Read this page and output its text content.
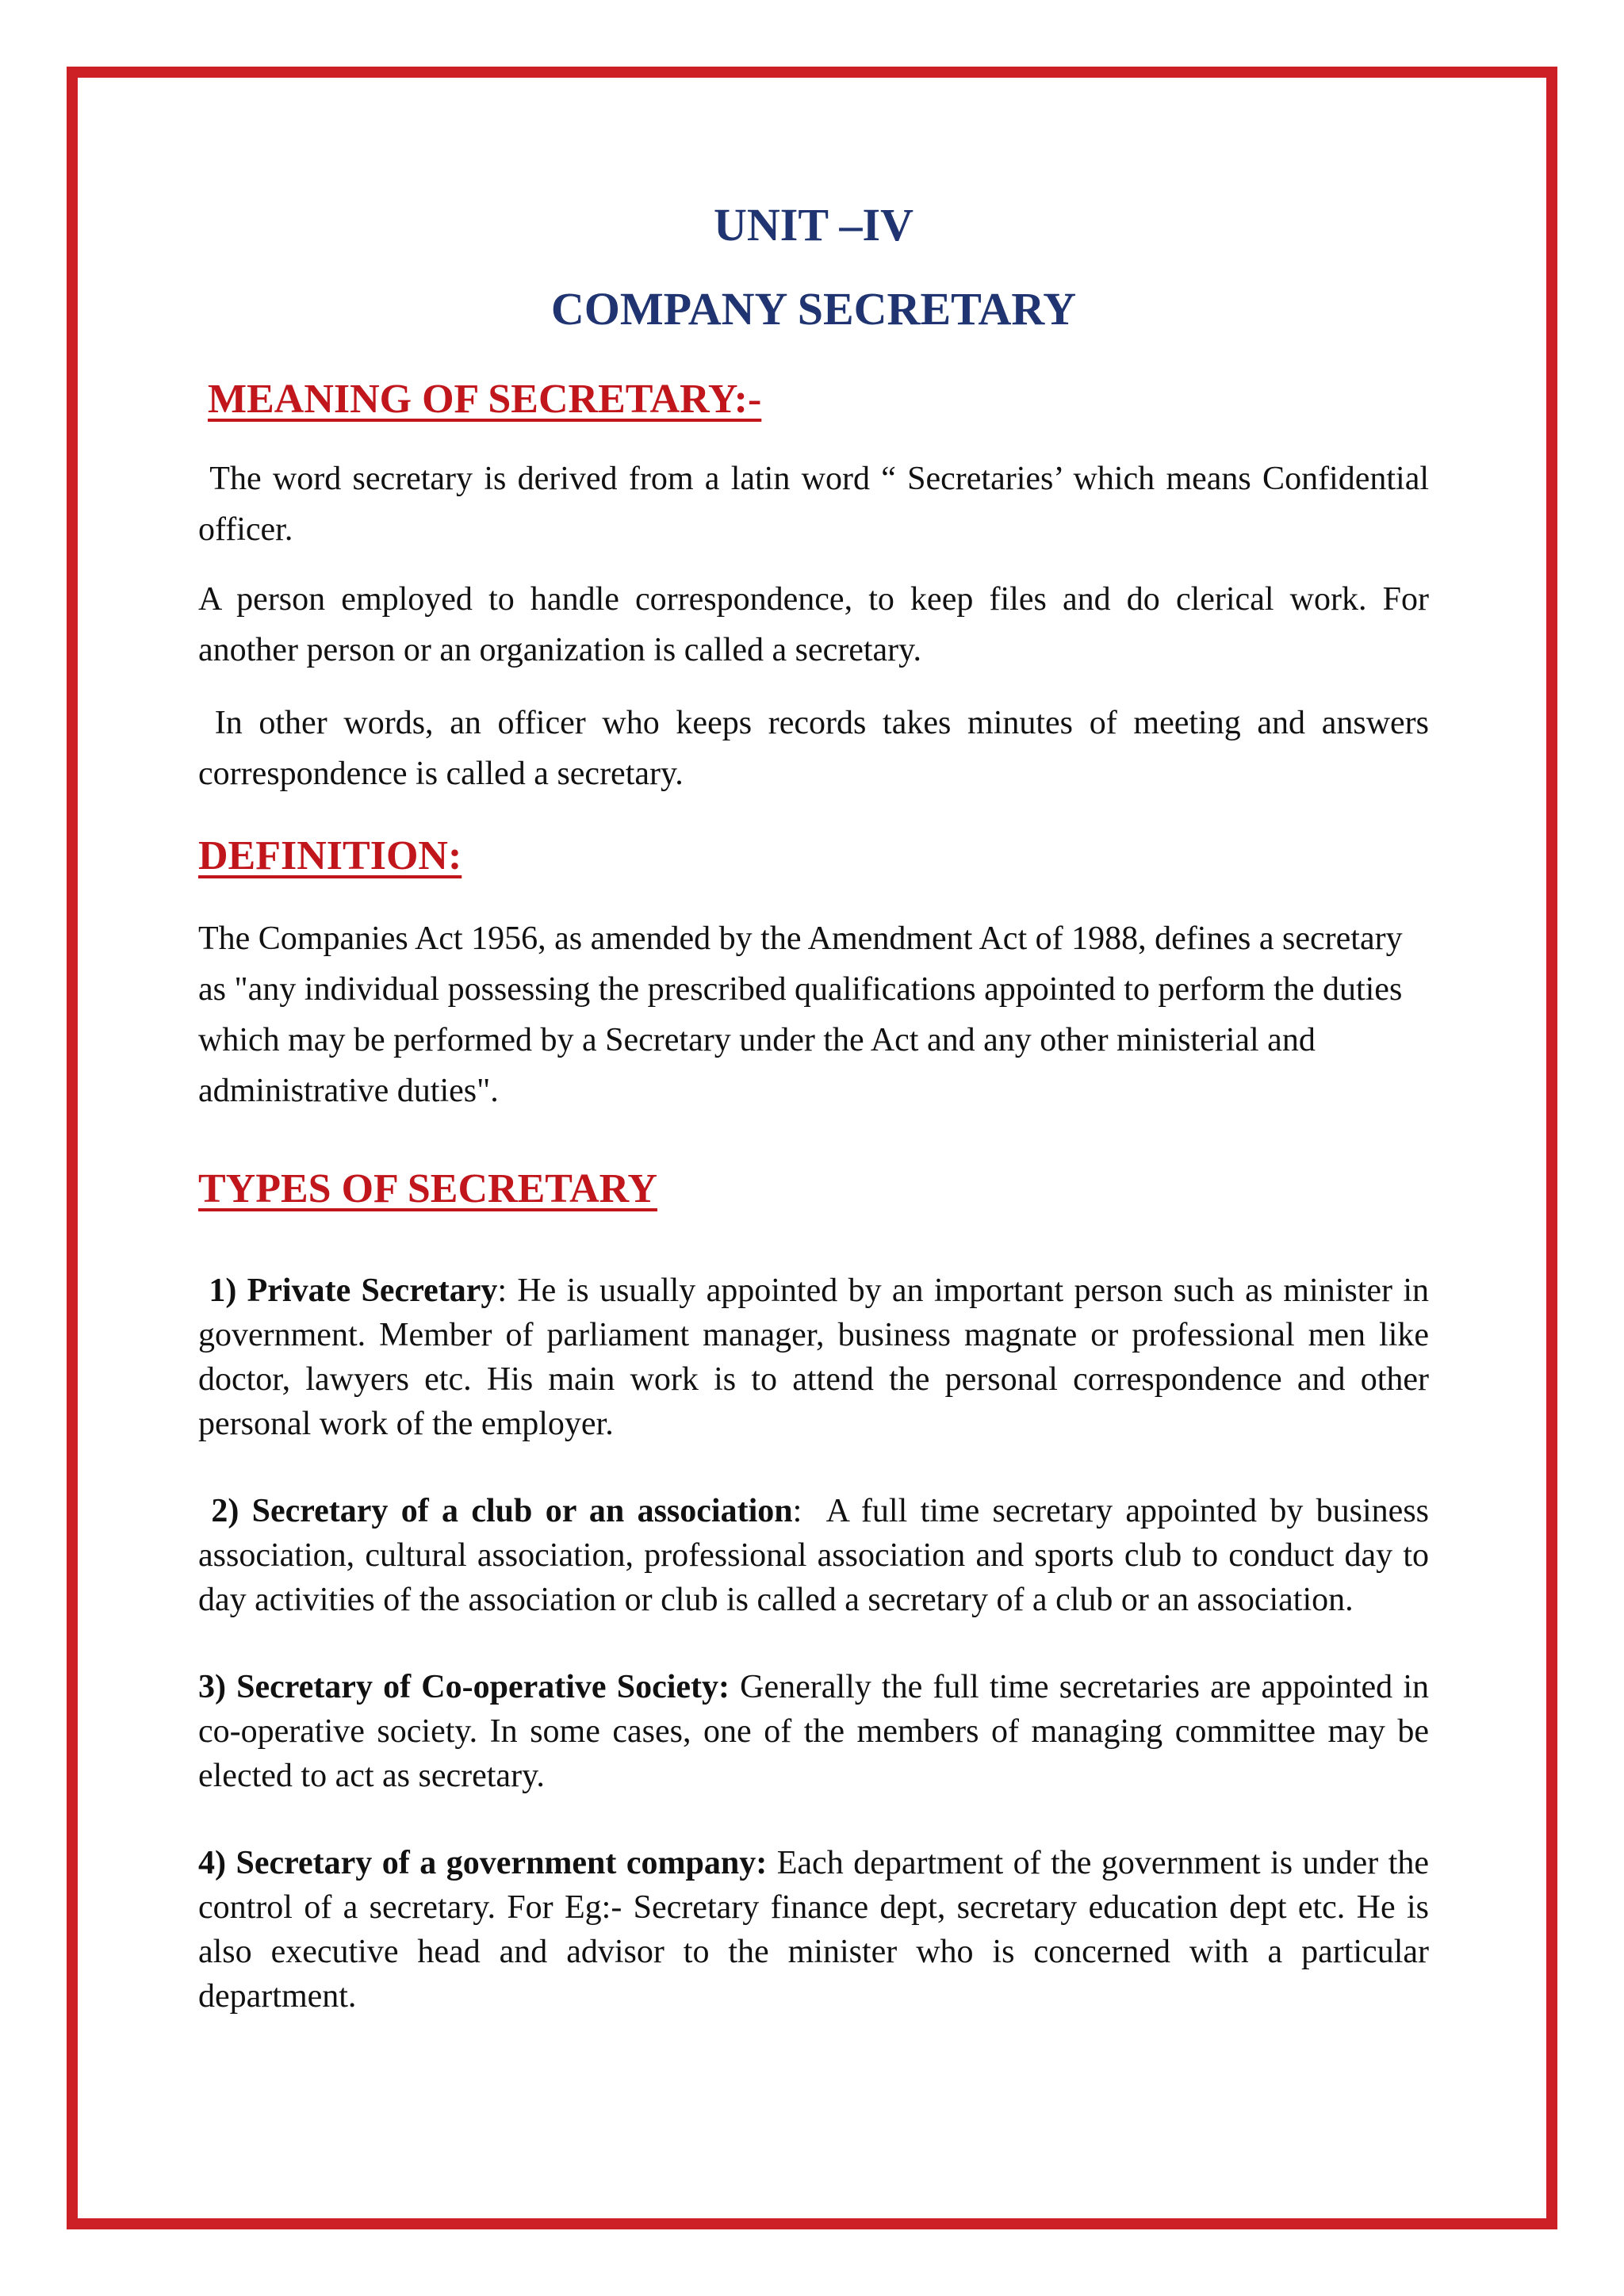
UNIT –IV
COMPANY SECRETARY
MEANING OF SECRETARY:-

The word secretary is derived from a latin word “ Secretaries’ which means Confidential officer.

A person employed to handle correspondence, to keep files and do clerical work. For another person or an organization is called a secretary.

In other words, an officer who keeps records takes minutes of meeting and answers correspondence is called a secretary.

DEFINITION:

The Companies Act 1956, as amended by the Amendment Act of 1988, defines a secretary as "any individual possessing the prescribed qualifications appointed to perform the duties which may be performed by a Secretary under the Act and any other ministerial and administrative duties".

TYPES OF SECRETARY

1) Private Secretary: He is usually appointed by an important person such as minister in government. Member of parliament manager, business magnate or professional men like doctor, lawyers etc. His main work is to attend the personal correspondence and other personal work of the employer.

2) Secretary of a club or an association:  A full time secretary appointed by business association, cultural association, professional association and sports club to conduct day to day activities of the association or club is called a secretary of a club or an association.

3) Secretary of Co-operative Society: Generally the full time secretaries are appointed in co-operative society. In some cases, one of the members of managing committee may be elected to act as secretary.

4) Secretary of a government company: Each department of the government is under the control of a secretary. For Eg:- Secretary finance dept, secretary education dept etc. He is also executive head and advisor to the minister who is concerned with a particular department.
